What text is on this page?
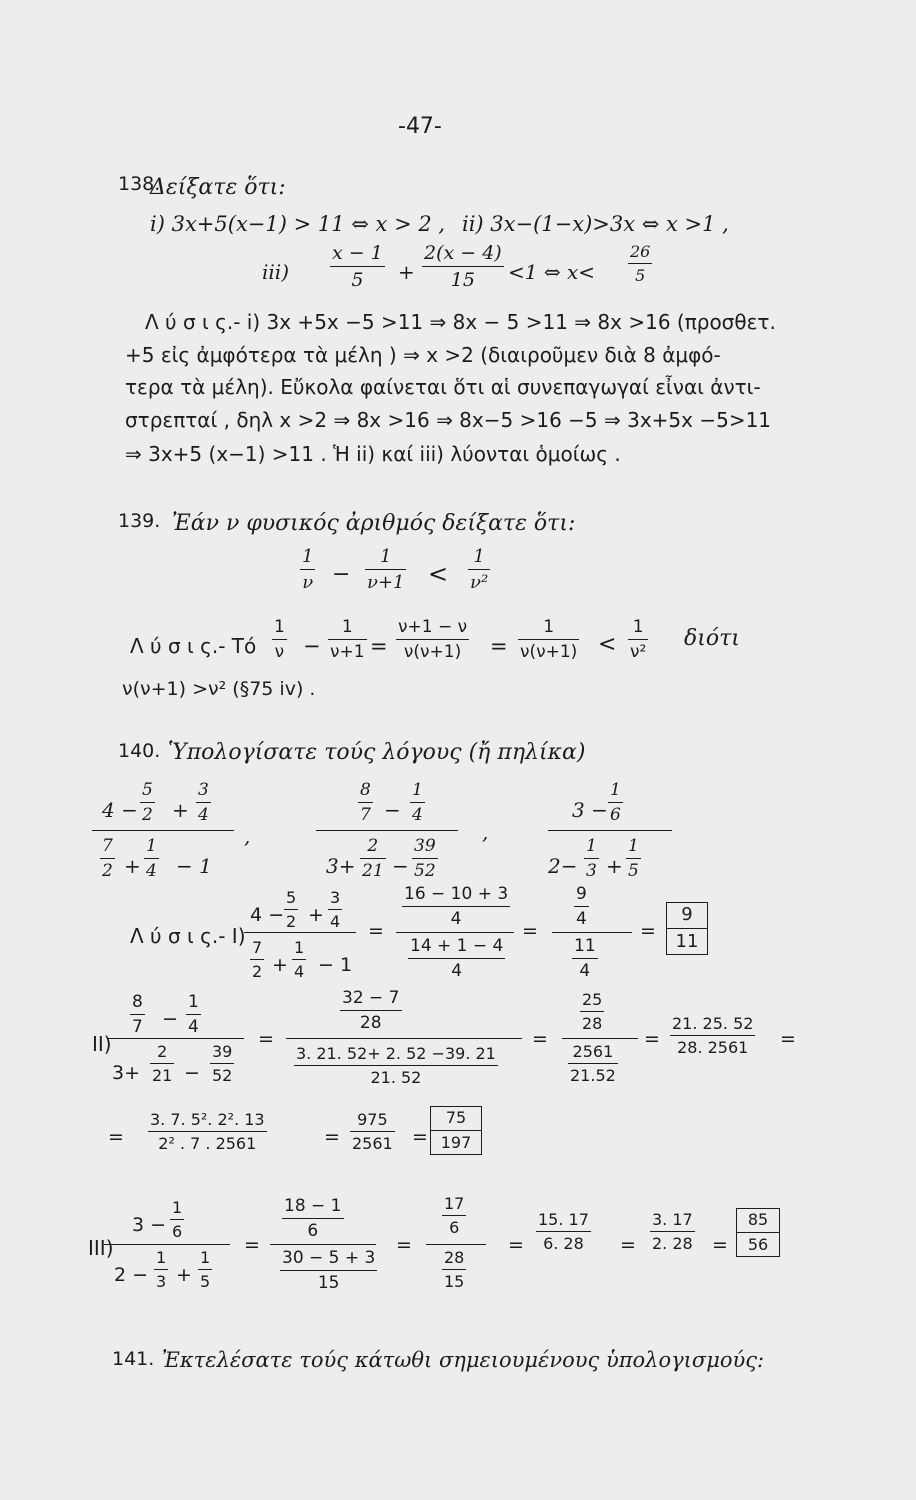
-47-
138.
Δείξατε ὅτι:
i) 3x+5(x−1) > 11 ⇔ x > 2 , ii) 3x−(1−x)>3x ⇔ x >1 ,
$iii) \frac{x - 1}{5} + \frac{2(x - 4)}{15} <1$ ⇔ $x< \frac{26}{5}$
Λ ύ σ ι ς.- i) 3x +5x −5 >11 ⇒ 8x − 5 >11 ⇒ 8x >16 (προσθετ.
+5 εἰς ἀμφότερα τὰ μέλη ) ⇒ x >2 (διαιροῦμεν διὰ 8 ἀμφό-
τερα τὰ μέλη). Εὔκολα φαίνεται ὅτι αἱ συνεπαγωγαί εἶναι ἀντι-
στρεπταί , δηλ x >2 ⇒ 8x >16 ⇒ 8x−5 >16 −5 ⇒ 3x+5x −5>11
⇒ 3x+5 (x−1) >11 . Ἡ ii) καί iii) λύονται ὁμοίως .
139. Ἐάν ν φυσικός ἀριθμός δείξατε ὅτι:
$\frac{1}{\nu} - \frac{1}{\nu+1} < \frac{1}{\text{ν²}}$
Λ ύ σ ι ς.- Τό $\frac{1}{\nu} - \frac{1}{\nu+1} = \frac{\nu+1 - \nu}{\nu(\nu+1)} = \frac{1}{\nu(\nu+1)} < \frac{1}{\text{ν²}}$ διότι
ν(ν+1) >ν² (§75 iv) .
140. Ὑπολογίσατε τούς λόγους (ἤ πηλίκα)
$4 - \frac{5}{2} + \frac{3}{4}$
$\frac{7}{2} + \frac{1}{4} - 1$
,
$\frac{8}{7} - \frac{1}{4}$
$3+ \frac{2}{21} - \frac{39}{52}$
,
$3 - \frac{1}{6}$
$2- \frac{1}{3} + \frac{1}{5}$
Λ ύ σ ι ς.- I)
$4 - \frac{5}{2} + \frac{3}{4}$
$\frac{7}{2} + \frac{1}{4} - 1$
=
$\frac{16 - 10 + 3}{4}$
$\frac{14 + 1 - 4}{4}$
=
$\frac{9}{4}$
$\frac{11}{4}$
=
9
11
II)
$\frac{8}{7} - \frac{1}{4}$
$3+ \frac{2}{21} - \frac{39}{52}$
=
$\frac{32 - 7}{28}$
$\frac{3. 21. 52+ 2. 52 -39. 21}{21. 52}$
=
$\frac{25}{28}$
$\frac{2561}{21.52}$
= $\frac{21. 25. 52}{28. 2561}$ =
= $\frac{\text{3. 7. 5². 2². 13}}{\text{2² . 7 . 2561}}$	= $\frac{975}{2561}$ =
75
197
III)
$3 - \frac{1}{6}$
$2 - \frac{1}{3} + \frac{1}{5}$
=
$\frac{18 - 1}{6}$
$\frac{30 - 5 + 3}{15}$
=
$\frac{17}{6}$
$\frac{28}{15}$
= $\frac{15. 17}{6. 28} = \frac{3. 17}{2. 28}$ =
85
56
141. Ἐκτελέσατε τούς κάτωθι σημειουμένους ὑπολογισμούς:
